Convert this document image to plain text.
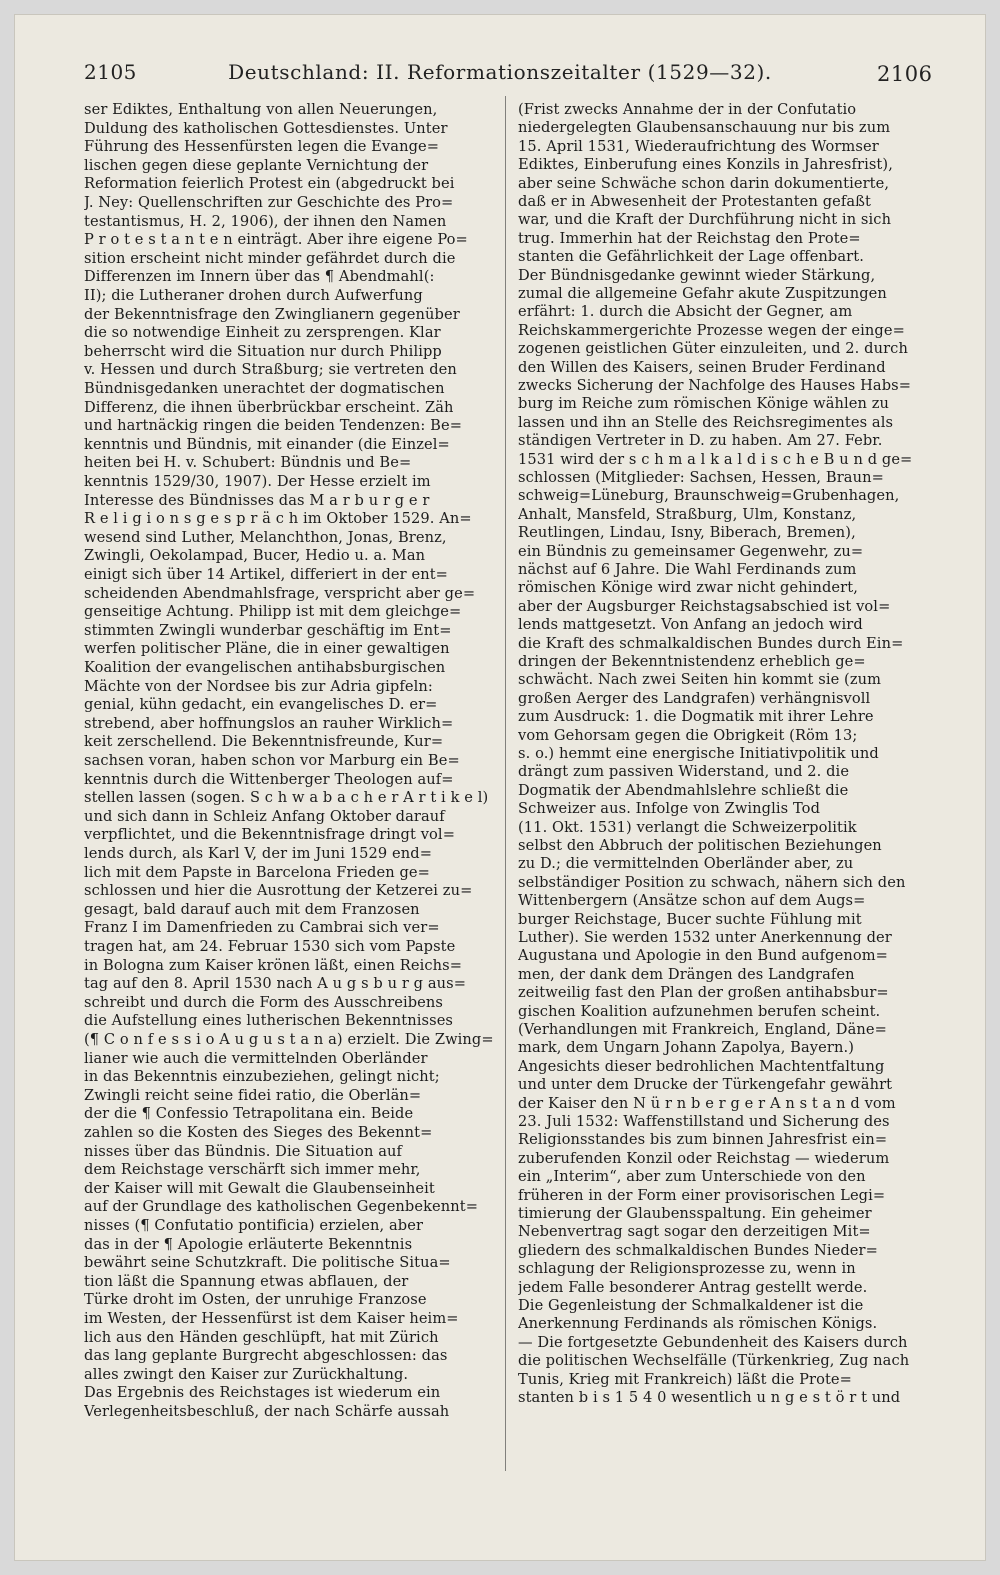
2105	Deutschland: II. Reformationszeitalter (1529—32).	2106
ser Ediktes, Enthaltung von allen Neuerungen,
Duldung des katholischen Gottesdienstes. Unter
Führung des Hessenfürsten legen die Evange=
lischen gegen diese geplante Vernichtung der
Reformation feierlich Protest ein (abgedruckt bei
J. Ney: Quellenschriften zur Geschichte des Pro=
testantismus, H. 2, 1906), der ihnen den Namen
P r o t e s t a n t e n einträgt. Aber ihre eigene Po=
sition erscheint nicht minder gefährdet durch die
Differenzen im Innern über das ¶ Abendmahl(:
II); die Lutheraner drohen durch Aufwerfung
der Bekenntnisfrage den Zwinglianern gegenüber
die so notwendige Einheit zu zersprengen. Klar
beherrscht wird die Situation nur durch Philipp
v. Hessen und durch Straßburg; sie vertreten den
Bündnisgedanken unerachtet der dogmatischen
Differenz, die ihnen überbrückbar erscheint. Zäh
und hartnäckig ringen die beiden Tendenzen: Be=
kenntnis und Bündnis, mit einander (die Einzel=
heiten bei H. v. Schubert: Bündnis und Be=
kenntnis 1529/30, 1907). Der Hesse erzielt im
Interesse des Bündnisses das M a r b u r g e r
R e l i g i o n s g e s p r ä c h im Oktober 1529. An=
wesend sind Luther, Melanchthon, Jonas, Brenz,
Zwingli, Oekolampad, Bucer, Hedio u. a. Man
einigt sich über 14 Artikel, differiert in der ent=
scheidenden Abendmahlsfrage, verspricht aber ge=
genseitige Achtung. Philipp ist mit dem gleichge=
stimmten Zwingli wunderbar geschäftig im Ent=
werfen politischer Pläne, die in einer gewaltigen
Koalition der evangelischen antihabsburgischen
Mächte von der Nordsee bis zur Adria gipfeln:
genial, kühn gedacht, ein evangelisches D. er=
strebend, aber hoffnungslos an rauher Wirklich=
keit zerschellend. Die Bekenntnisfreunde, Kur=
sachsen voran, haben schon vor Marburg ein Be=
kenntnis durch die Wittenberger Theologen auf=
stellen lassen (sogen. S c h w a b a c h e r A r t i k e l)
und sich dann in Schleiz Anfang Oktober darauf
verpflichtet, und die Bekenntnisfrage dringt vol=
lends durch, als Karl V, der im Juni 1529 end=
lich mit dem Papste in Barcelona Frieden ge=
schlossen und hier die Ausrottung der Ketzerei zu=
gesagt, bald darauf auch mit dem Franzosen
Franz I im Damenfrieden zu Cambrai sich ver=
tragen hat, am 24. Februar 1530 sich vom Papste
in Bologna zum Kaiser krönen läßt, einen Reichs=
tag auf den 8. April 1530 nach A u g s b u r g aus=
schreibt und durch die Form des Ausschreibens
die Aufstellung eines lutherischen Bekenntnisses
(¶ C o n f e s s i o A u g u s t a n a) erzielt. Die Zwing=
lianer wie auch die vermittelnden Oberländer
in das Bekenntnis einzubeziehen, gelingt nicht;
Zwingli reicht seine fidei ratio, die Oberlän=
der die ¶ Confessio Tetrapolitana ein. Beide
zahlen so die Kosten des Sieges des Bekennt=
nisses über das Bündnis. Die Situation auf
dem Reichstage verschärft sich immer mehr,
der Kaiser will mit Gewalt die Glaubenseinheit
auf der Grundlage des katholischen Gegenbekennt=
nisses (¶ Confutatio pontificia) erzielen, aber
das in der ¶ Apologie erläuterte Bekenntnis
bewährt seine Schutzkraft. Die politische Situa=
tion läßt die Spannung etwas abflauen, der
Türke droht im Osten, der unruhige Franzose
im Westen, der Hessenfürst ist dem Kaiser heim=
lich aus den Händen geschlüpft, hat mit Zürich
das lang geplante Burgrecht abgeschlossen: das
alles zwingt den Kaiser zur Zurückhaltung.
Das Ergebnis des Reichstages ist wiederum ein
Verlegenheitsbeschluß, der nach Schärfe aussah
(Frist zwecks Annahme der in der Confutatio
niedergelegten Glaubensanschauung nur bis zum
15. April 1531, Wiederaufrichtung des Wormser
Ediktes, Einberufung eines Konzils in Jahresfrist),
aber seine Schwäche schon darin dokumentierte,
daß er in Abwesenheit der Protestanten gefaßt
war, und die Kraft der Durchführung nicht in sich
trug. Immerhin hat der Reichstag den Prote=
stanten die Gefährlichkeit der Lage offenbart.
Der Bündnisgedanke gewinnt wieder Stärkung,
zumal die allgemeine Gefahr akute Zuspitzungen
erfährt: 1. durch die Absicht der Gegner, am
Reichskammergerichte Prozesse wegen der einge=
zogenen geistlichen Güter einzuleiten, und 2. durch
den Willen des Kaisers, seinen Bruder Ferdinand
zwecks Sicherung der Nachfolge des Hauses Habs=
burg im Reiche zum römischen Könige wählen zu
lassen und ihn an Stelle des Reichsregimentes als
ständigen Vertreter in D. zu haben. Am 27. Febr.
1531 wird der s c h m a l k a l d i s c h e B u n d ge=
schlossen (Mitglieder: Sachsen, Hessen, Braun=
schweig=Lüneburg, Braunschweig=Grubenhagen,
Anhalt, Mansfeld, Straßburg, Ulm, Konstanz,
Reutlingen, Lindau, Isny, Biberach, Bremen),
ein Bündnis zu gemeinsamer Gegenwehr, zu=
nächst auf 6 Jahre. Die Wahl Ferdinands zum
römischen Könige wird zwar nicht gehindert,
aber der Augsburger Reichstagsabschied ist vol=
lends mattgesetzt. Von Anfang an jedoch wird
die Kraft des schmalkaldischen Bundes durch Ein=
dringen der Bekenntnistendenz erheblich ge=
schwächt. Nach zwei Seiten hin kommt sie (zum
großen Aerger des Landgrafen) verhängnisvoll
zum Ausdruck: 1. die Dogmatik mit ihrer Lehre
vom Gehorsam gegen die Obrigkeit (Röm 13;
s. o.) hemmt eine energische Initiativpolitik und
drängt zum passiven Widerstand, und 2. die
Dogmatik der Abendmahlslehre schließt die
Schweizer aus. Infolge von Zwinglis Tod
(11. Okt. 1531) verlangt die Schweizerpolitik
selbst den Abbruch der politischen Beziehungen
zu D.; die vermittelnden Oberländer aber, zu
selbständiger Position zu schwach, nähern sich den
Wittenbergern (Ansätze schon auf dem Augs=
burger Reichstage, Bucer suchte Fühlung mit
Luther). Sie werden 1532 unter Anerkennung der
Augustana und Apologie in den Bund aufgenom=
men, der dank dem Drängen des Landgrafen
zeitweilig fast den Plan der großen antihabsbur=
gischen Koalition aufzunehmen berufen scheint.
(Verhandlungen mit Frankreich, England, Däne=
mark, dem Ungarn Johann Zapolya, Bayern.)
Angesichts dieser bedrohlichen Machtentfaltung
und unter dem Drucke der Türkengefahr gewährt
der Kaiser den N ü r n b e r g e r A n s t a n d vom
23. Juli 1532: Waffenstillstand und Sicherung des
Religionsstandes bis zum binnen Jahresfrist ein=
zuberufenden Konzil oder Reichstag — wiederum
ein „Interim“, aber zum Unterschiede von den
früheren in der Form einer provisorischen Legi=
timierung der Glaubensspaltung. Ein geheimer
Nebenvertrag sagt sogar den derzeitigen Mit=
gliedern des schmalkaldischen Bundes Nieder=
schlagung der Religionsprozesse zu, wenn in
jedem Falle besonderer Antrag gestellt werde.
Die Gegenleistung der Schmalkaldener ist die
Anerkennung Ferdinands als römischen Königs.
— Die fortgesetzte Gebundenheit des Kaisers durch
die politischen Wechselfälle (Türkenkrieg, Zug nach
Tunis, Krieg mit Frankreich) läßt die Prote=
stanten b i s 1 5 4 0 wesentlich u n g e s t ö r t und
